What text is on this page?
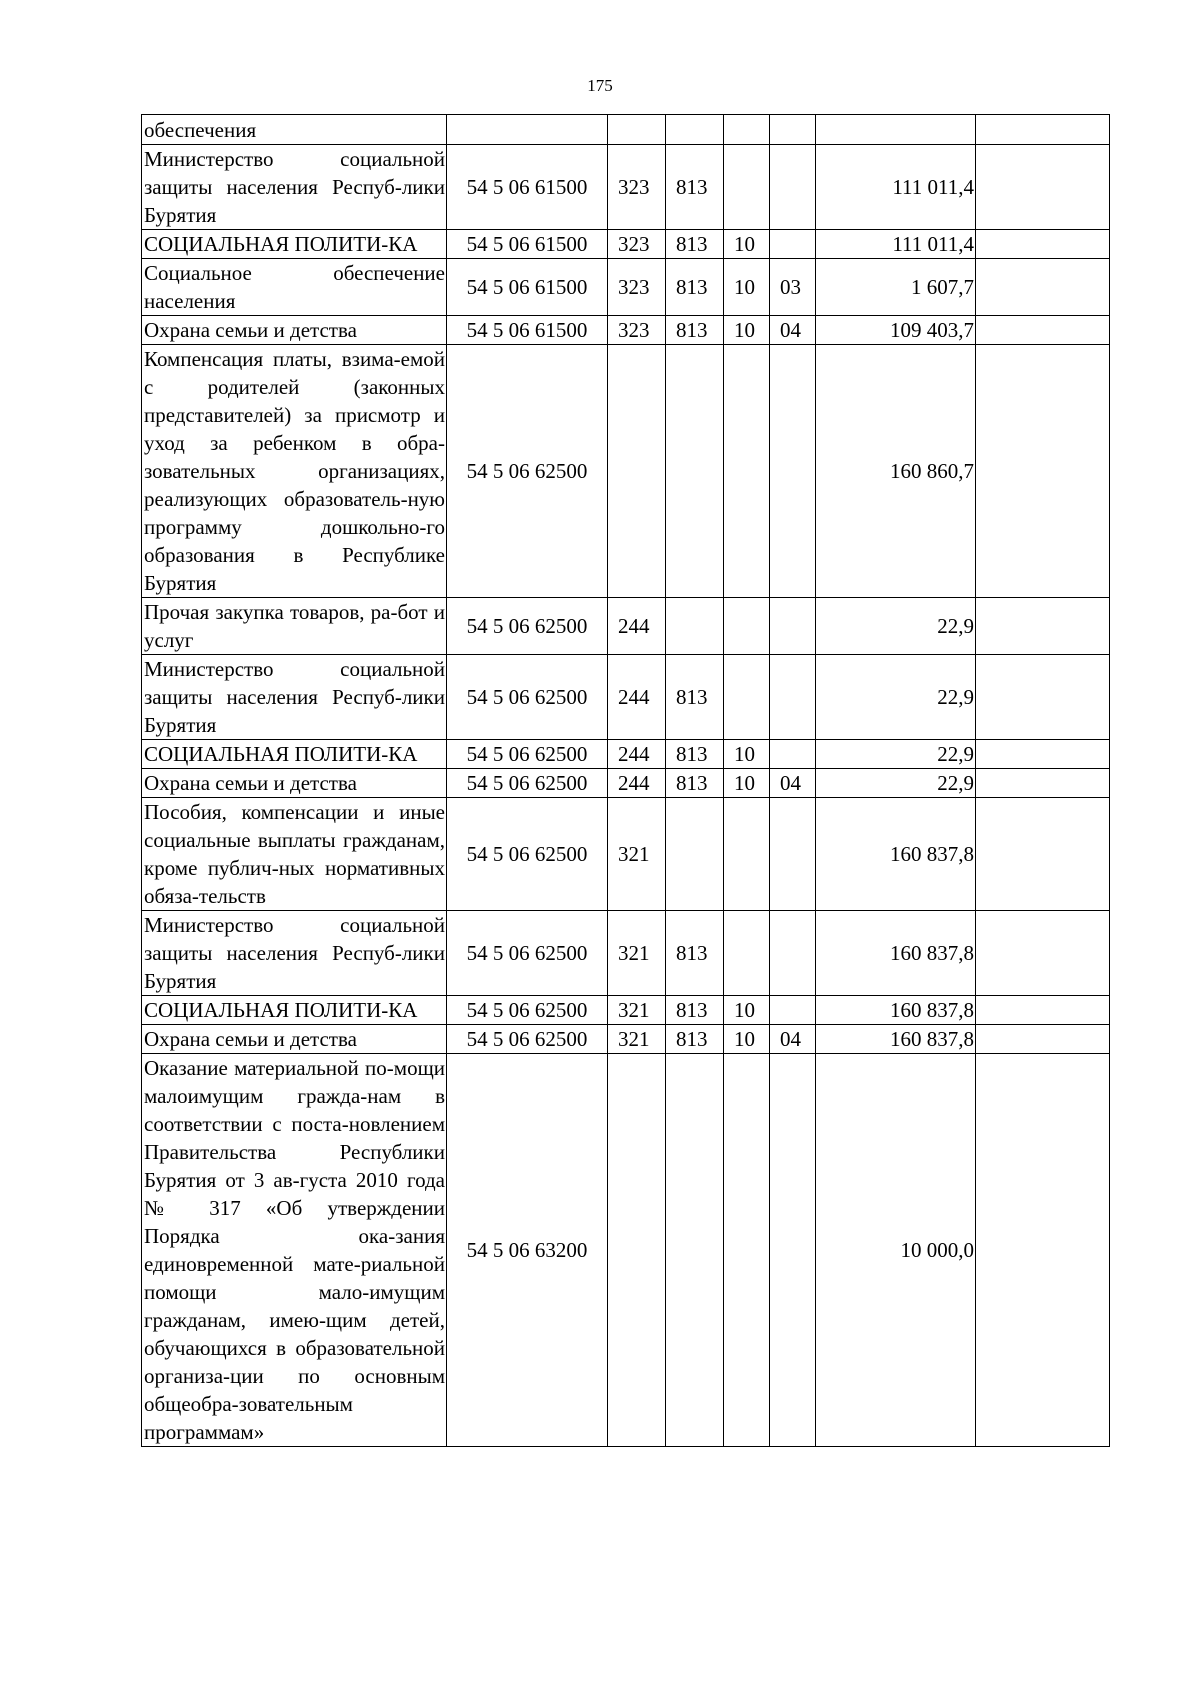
175
обеспечения							
Министерство социальной защиты населения Респуб-лики Бурятия	54 5 06 61500	323	813			111 011,4	
СОЦИАЛЬНАЯ ПОЛИТИ-КА	54 5 06 61500	323	813	10		111 011,4	
Социальное обеспечение населения	54 5 06 61500	323	813	10	03	1 607,7	
Охрана семьи и детства	54 5 06 61500	323	813	10	04	109 403,7	
Компенсация платы, взима-емой с родителей (законных представителей) за присмотр и уход за ребенком в обра-зовательных организациях, реализующих образователь-ную программу дошкольно-го образования в Республике Бурятия	54 5 06 62500					160 860,7	
Прочая закупка товаров, ра-бот и услуг	54 5 06 62500	244				22,9	
Министерство социальной защиты населения Респуб-лики Бурятия	54 5 06 62500	244	813			22,9	
СОЦИАЛЬНАЯ ПОЛИТИ-КА	54 5 06 62500	244	813	10		22,9	
Охрана семьи и детства	54 5 06 62500	244	813	10	04	22,9	
Пособия, компенсации и иные социальные выплаты гражданам, кроме публич-ных нормативных обяза-тельств	54 5 06 62500	321				160 837,8	
Министерство социальной защиты населения Респуб-лики Бурятия	54 5 06 62500	321	813			160 837,8	
СОЦИАЛЬНАЯ ПОЛИТИ-КА	54 5 06 62500	321	813	10		160 837,8	
Охрана семьи и детства	54 5 06 62500	321	813	10	04	160 837,8	
Оказание материальной по-мощи малоимущим гражда-нам в соответствии с поста-новлением Правительства Республики Бурятия от 3 ав-густа 2010 года № 317 «Об утверждении Порядка ока-зания единовременной мате-риальной помощи мало-имущим гражданам, имею-щим детей, обучающихся в образовательной организа-ции по основным общеобра-зовательным программам»	54 5 06 63200					10 000,0	
